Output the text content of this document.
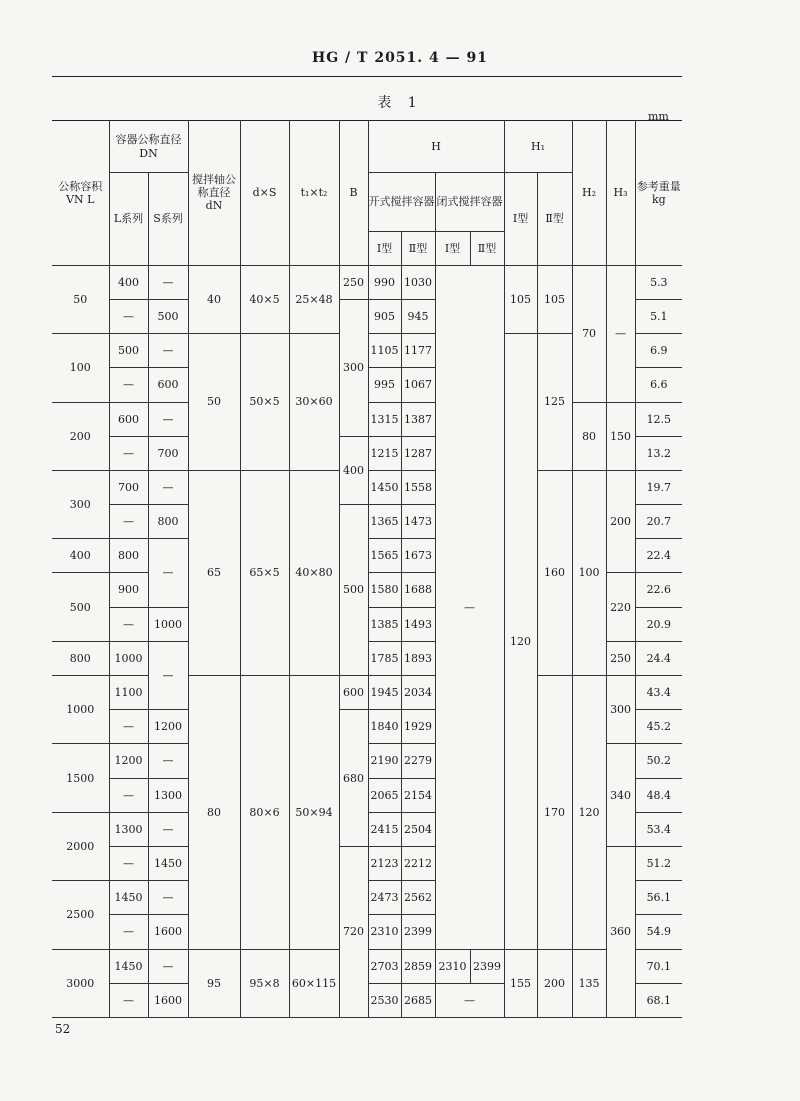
HG / T 2051. 4 — 91
表 1
mm
公称容积 VN L	容器公称直径 DN		搅拌轴公称直径 dN	d×S	t₁×t₂	B	H				H₁		H₂	H₃	参考重量 kg
	L系列	S系列					开式搅拌容器		闭式搅拌容器		Ⅰ型	Ⅱ型			
							Ⅰ型	Ⅱ型	Ⅰ型	Ⅱ型					
50	400	—	40	40×5	25×48	250	990	1030	—		105	105	70	—	5.3
	—	500				300	905	945							5.1
100	500	—	50	50×5	30×60		1105	1177			120	125			6.9
	—	600					995	1067							6.6
200	600	—					1315	1387					80	150	12.5
	—	700				400	1215	1287							13.2
300	700	—	65	65×5	40×80		1450	1558				160	100	200	19.7
	—	800				500	1365	1473							20.7
400	800	—					1565	1673							22.4
500	900						1580	1688						220	22.6
	—	1000					1385	1493							20.9
800	1000	—					1785	1893						250	24.4
1000	1100		80	80×6	50×94	600	1945	2034				170	120	300	43.4
	—	1200				680	1840	1929							45.2
1500	1200	—					2190	2279						340	50.2
	—	1300					2065	2154							48.4
2000	1300	—					2415	2504							53.4
	—	1450				720	2123	2212						360	51.2
2500	1450	—					2473	2562							56.1
	—	1600					2310	2399							54.9
3000	1450	—	95	95×8	60×115		2703	2859	2310	2399	155	200	135		70.1
	—	1600					2530	2685	—						68.1
52
